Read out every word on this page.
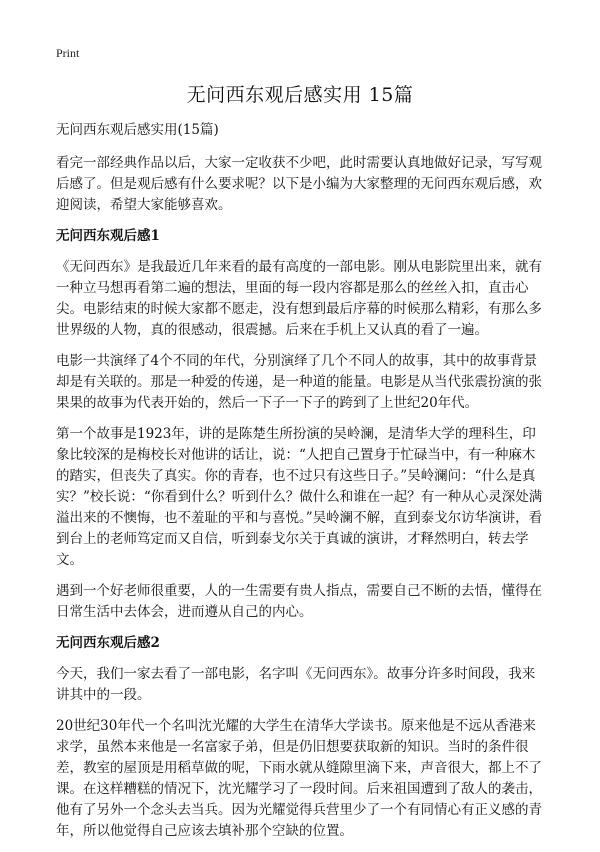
Print
无问西东观后感实用 15篇

无问西东观后感实用(15篇)

看完一部经典作品以后，大家一定收获不少吧，此时需要认真地做好记录，写写观后感了。但是观后感有什么要求呢？以下是小编为大家整理的无问西东观后感，欢迎阅读，希望大家能够喜欢。

无问西东观后感1

《无问西东》是我最近几年来看的最有高度的一部电影。刚从电影院里出来，就有一种立马想再看第二遍的想法，里面的每一段内容都是那么的丝丝入扣，直击心尖。电影结束的时候大家都不愿走，没有想到最后序幕的时候那么精彩，有那么多世界级的人物，真的很感动，很震撼。后来在手机上又认真的看了一遍。

电影一共演绎了4个不同的年代，分别演绎了几个不同人的故事，其中的故事背景却是有关联的。那是一种爱的传递，是一种道的能量。电影是从当代张震扮演的张果果的故事为代表开始的，然后一下子一下子的跨到了上世纪20年代。

第一个故事是1923年，讲的是陈楚生所扮演的吴岭澜，是清华大学的理科生，印象比较深的是梅校长对他讲的话让，说：“人把自己置身于忙碌当中，有一种麻木的踏实，但丧失了真实。你的青春，也不过只有这些日子。”吴岭澜问：“什么是真实？”校长说：“你看到什么？听到什么？做什么和谁在一起？有一种从心灵深处满溢出来的不懊悔，也不羞耻的平和与喜悦。”吴岭澜不解，直到泰戈尔访华演讲，看到台上的老师笃定而又自信，听到泰戈尔关于真诚的演讲，才释然明白，转去学文。

遇到一个好老师很重要，人的一生需要有贵人指点，需要自己不断的去悟，懂得在日常生活中去体会，进而遵从自己的内心。

无问西东观后感2

今天，我们一家去看了一部电影，名字叫《无问西东》。故事分许多时间段，我来讲其中的一段。

20世纪30年代一个名叫沈光耀的大学生在清华大学读书。原来他是不远从香港来求学，虽然本来他是一名富家子弟，但是仍旧想要获取新的知识。当时的条件很差，教室的屋顶是用稻草做的呢，下雨水就从缝隙里滴下来，声音很大，都上不了课。在这样糟糕的情况下，沈光耀学习了一段时间。后来祖国遭到了敌人的袭击，他有了另外一个念头去当兵。因为光耀觉得兵营里少了一个有同情心有正义感的青年，所以他觉得自己应该去填补那个空缺的位置。
